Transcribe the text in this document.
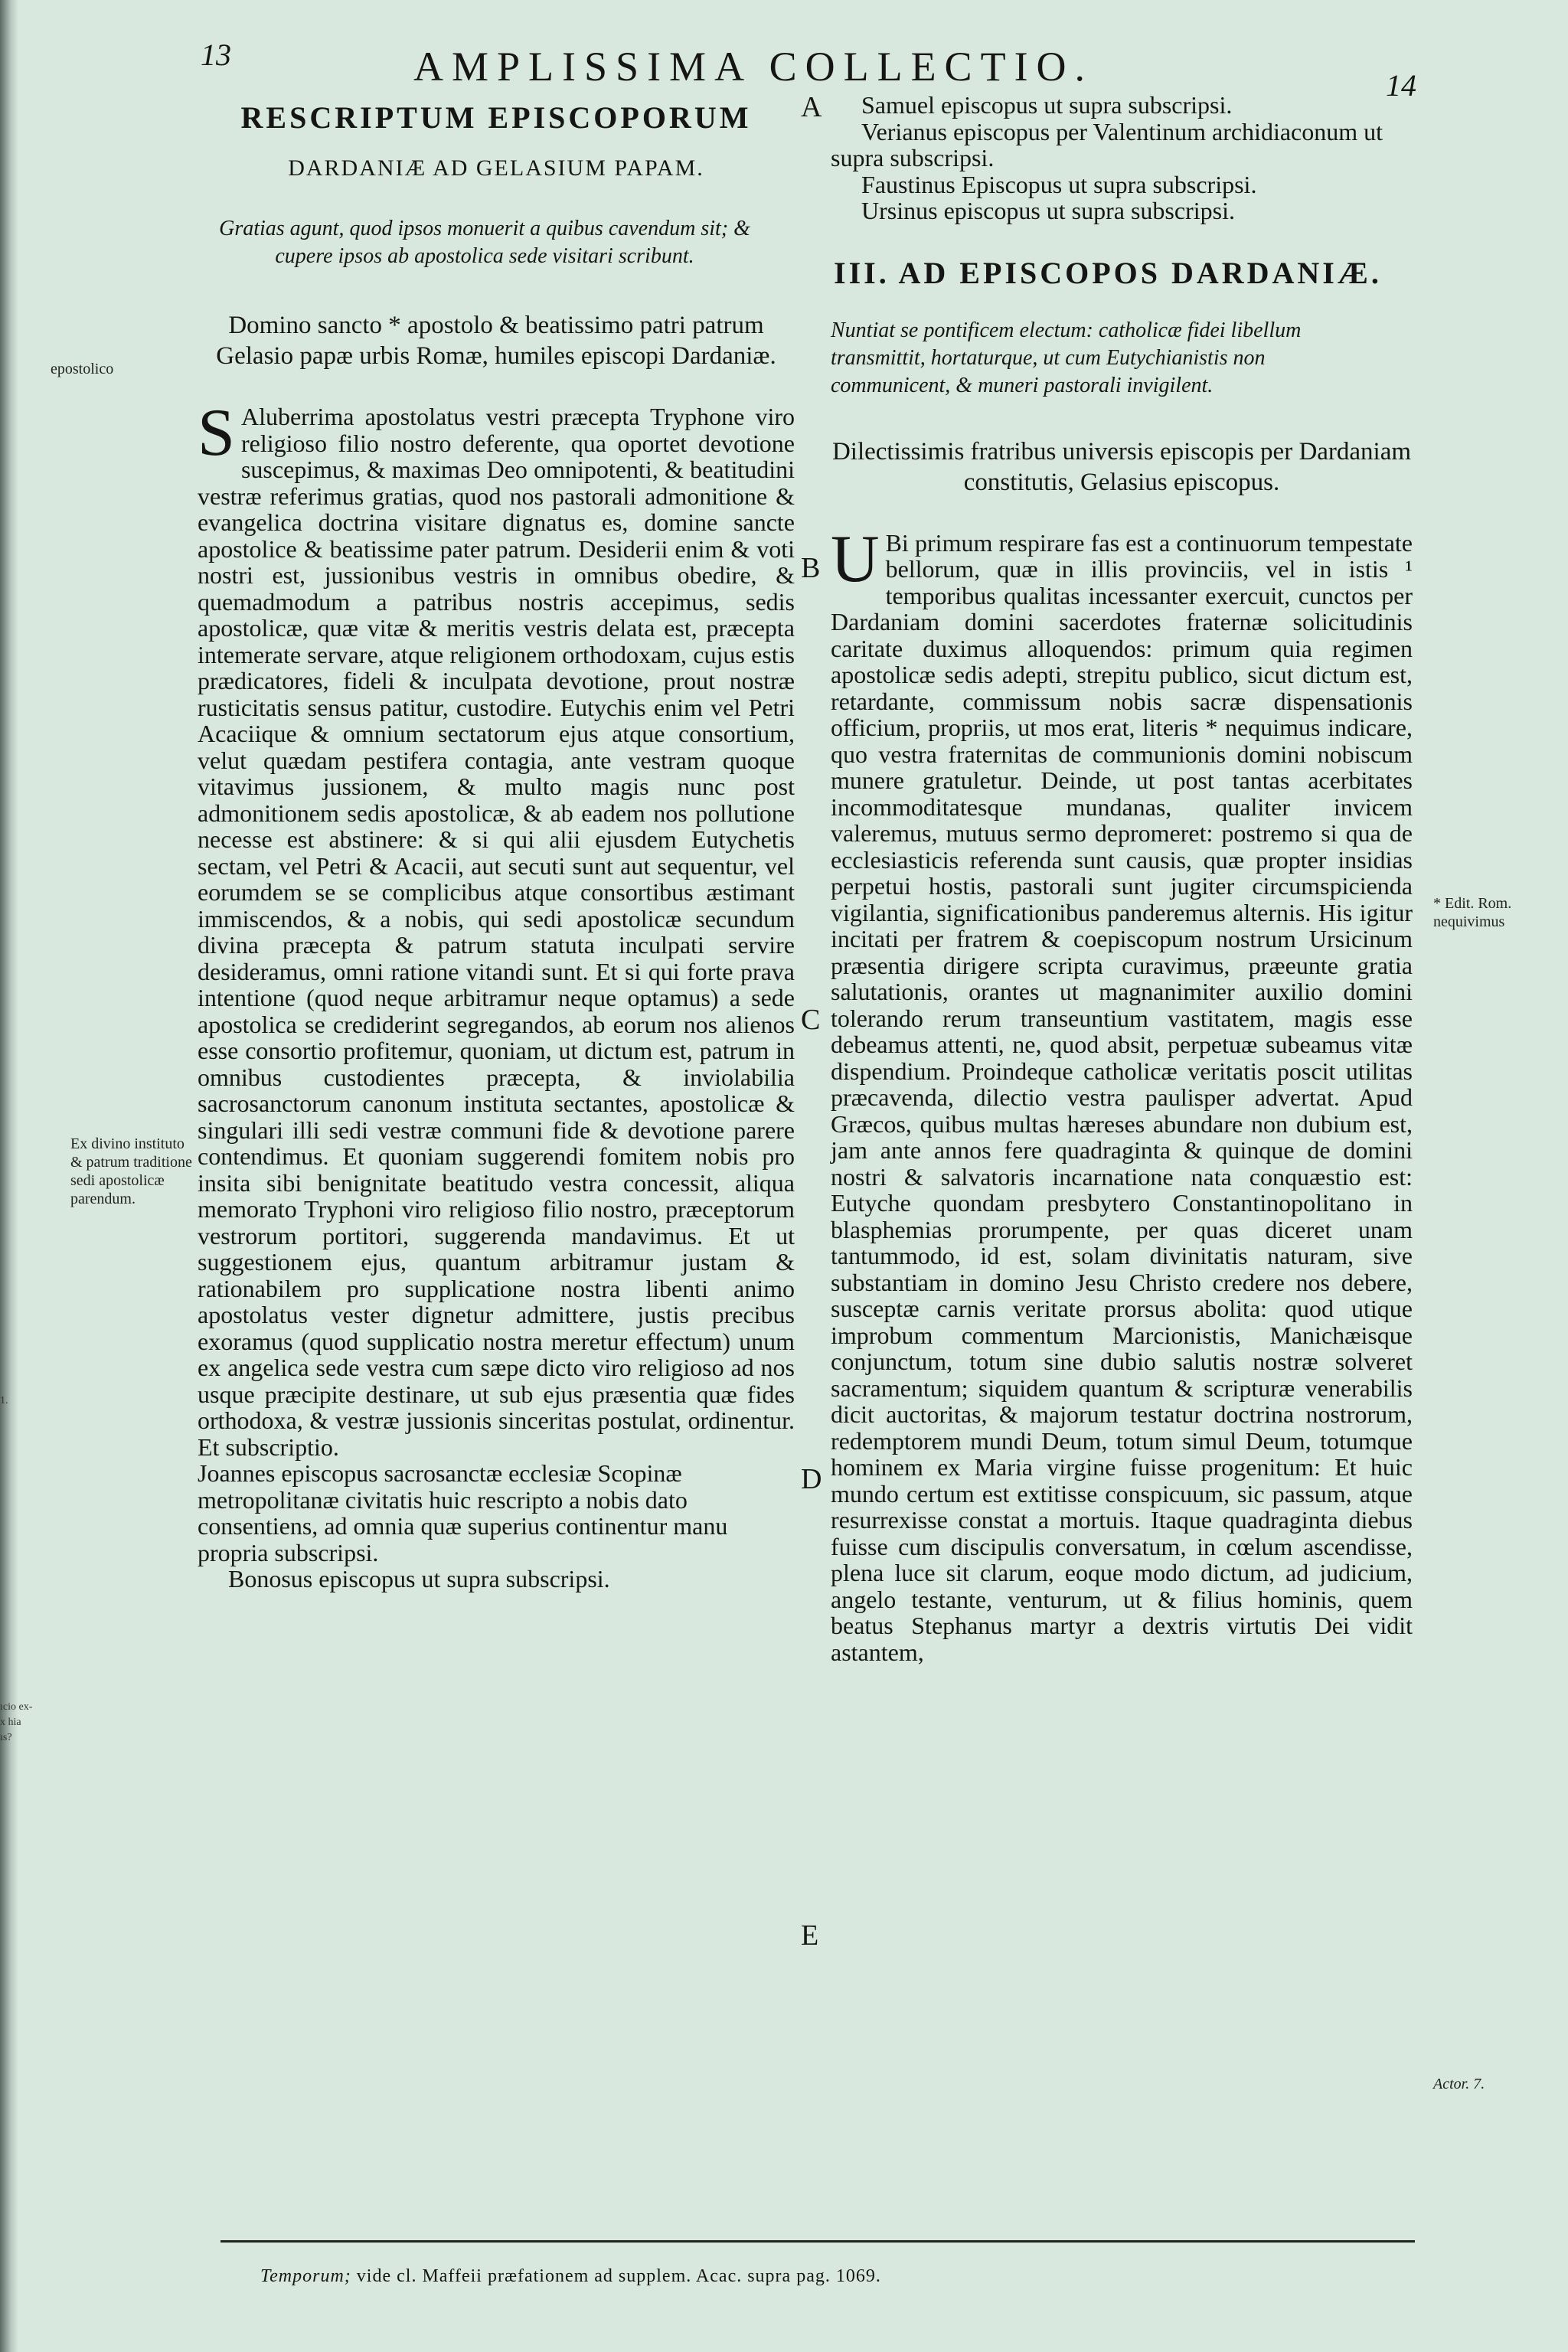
1.
ıcio ex-
x hia
ıs?
13	AMPLISSIMA COLLECTIO.	14
A
B
C
D
E
epostolico
Ex divino instituto & patrum traditione sedi apostolicæ parendum.
* Edit. Rom. nequivimus
Actor. 7.
RESCRIPTUM EPISCOPORUM
DARDANIÆ AD GELASIUM PAPAM.

Gratias agunt, quod ipsos monuerit a quibus cavendum sit; & cupere ipsos ab apostolica sede visitari scribunt.

Domino sancto * apostolo & beatissimo patri patrum Gelasio papæ urbis Romæ, humiles episcopi Dardaniæ.

S Aluberrima apostolatus vestri præcepta Tryphone viro religioso filio nostro deferente, qua oportet devotione suscepimus, & maximas Deo omnipotenti, & beatitudini vestræ referimus gratias, quod nos pastorali admonitione & evangelica doctrina visitare dignatus es, domine sancte apostolice & beatissime pater patrum. Desiderii enim & voti nostri est, jussionibus vestris in omnibus obedire, & quemadmodum a patribus nostris accepimus, sedis apostolicæ, quæ vitæ & meritis vestris delata est, præcepta intemerate servare, atque religionem orthodoxam, cujus estis prædicatores, fideli & inculpata devotione, prout nostræ rusticitatis sensus patitur, custodire. Eutychis enim vel Petri Acaciique & omnium sectatorum ejus atque consortium, velut quædam pestifera contagia, ante vestram quoque vitavimus jussionem, & multo magis nunc post admonitionem sedis apostolicæ, & ab eadem nos pollutione necesse est abstinere: & si qui alii ejusdem Eutychetis sectam, vel Petri & Acacii, aut secuti sunt aut sequentur, vel eorumdem se se complicibus atque consortibus æstimant immiscendos, & a nobis, qui sedi apostolicæ secundum divina præcepta & patrum statuta inculpati servire desideramus, omni ratione vitandi sunt. Et si qui forte prava intentione (quod neque arbitramur neque optamus) a sede apostolica se crediderint segregandos, ab eorum nos alienos esse consortio profitemur, quoniam, ut dictum est, patrum in omnibus custodientes præcepta, & inviolabilia sacrosanctorum canonum instituta sectantes, apostolicæ & singulari illi sedi vestræ communi fide & devotione parere contendimus. Et quoniam suggerendi fomitem nobis pro insita sibi benignitate beatitudo vestra concessit, aliqua memorato Tryphoni viro religioso filio nostro, præceptorum vestrorum portitori, suggerenda mandavimus. Et ut suggestionem ejus, quantum arbitramur justam & rationabilem pro supplicatione nostra libenti animo apostolatus vester dignetur admittere, justis precibus exoramus (quod supplicatio nostra meretur effectum) unum ex angelica sede vestra cum sæpe dicto viro religioso ad nos usque præcipite destinare, ut sub ejus præsentia quæ fides orthodoxa, & vestræ jussionis sinceritas postulat, ordinentur. Et subscriptio.

Joannes episcopus sacrosanctæ ecclesiæ Scopinæ metropolitanæ civitatis huic rescripto a nobis dato consentiens, ad omnia quæ superius continentur manu propria subscripsi.

Bonosus episcopus ut supra subscripsi.

Samuel episcopus ut supra subscripsi.

Verianus episcopus per Valentinum archidiaconum ut supra subscripsi.

Faustinus Episcopus ut supra subscripsi.

Ursinus episcopus ut supra subscripsi.

III. AD EPISCOPOS DARDANIÆ.

Nuntiat se pontificem electum: catholicæ fidei libellum transmittit, hortaturque, ut cum Eutychianistis non communicent, & muneri pastorali invigilent.

Dilectissimis fratribus universis episcopis per Dardaniam constitutis, Gelasius episcopus.

U Bi primum respirare fas est a continuorum tempestate bellorum, quæ in illis provinciis, vel in istis ¹ temporibus qualitas incessanter exercuit, cunctos per Dardaniam domini sacerdotes fraternæ solicitudinis caritate duximus alloquendos: primum quia regimen apostolicæ sedis adepti, strepitu publico, sicut dictum est, retardante, commissum nobis sacræ dispensationis officium, propriis, ut mos erat, literis * nequimus indicare, quo vestra fraternitas de communionis domini nobiscum munere gratuletur. Deinde, ut post tantas acerbitates incommoditatesque mundanas, qualiter invicem valeremus, mutuus sermo depromeret: postremo si qua de ecclesiasticis referenda sunt causis, quæ propter insidias perpetui hostis, pastorali sunt jugiter circumspicienda vigilantia, significationibus panderemus alternis. His igitur incitati per fratrem & coepiscopum nostrum Ursicinum præsentia dirigere scripta curavimus, præeunte gratia salutationis, orantes ut magnanimiter auxilio domini tolerando rerum transeuntium vastitatem, magis esse debeamus attenti, ne, quod absit, perpetuæ subeamus vitæ dispendium. Proindeque catholicæ veritatis poscit utilitas præcavenda, dilectio vestra paulisper advertat. Apud Græcos, quibus multas hæreses abundare non dubium est, jam ante annos fere quadraginta & quinque de domini nostri & salvatoris incarnatione nata conquæstio est: Eutyche quondam presbytero Constantinopolitano in blasphemias prorumpente, per quas diceret unam tantummodo, id est, solam divinitatis naturam, sive substantiam in domino Jesu Christo credere nos debere, susceptæ carnis veritate prorsus abolita: quod utique improbum commentum Marcionistis, Manichæisque conjunctum, totum sine dubio salutis nostræ solveret sacramentum; siquidem quantum & scripturæ venerabilis dicit auctoritas, & majorum testatur doctrina nostrorum, redemptorem mundi Deum, totum simul Deum, totumque hominem ex Maria virgine fuisse progenitum: Et huic mundo certum est extitisse conspicuum, sic passum, atque resurrexisse constat a mortuis. Itaque quadraginta diebus fuisse cum discipulis conversatum, in cœlum ascendisse, plena luce sit clarum, eoque modo dictum, ad judicium, angelo testante, venturum, ut & filius hominis, quem beatus Stephanus martyr a dextris virtutis Dei vidit astantem,

Temporum; vide cl. Maffeii præfationem ad supplem. Acac. supra pag. 1069.
